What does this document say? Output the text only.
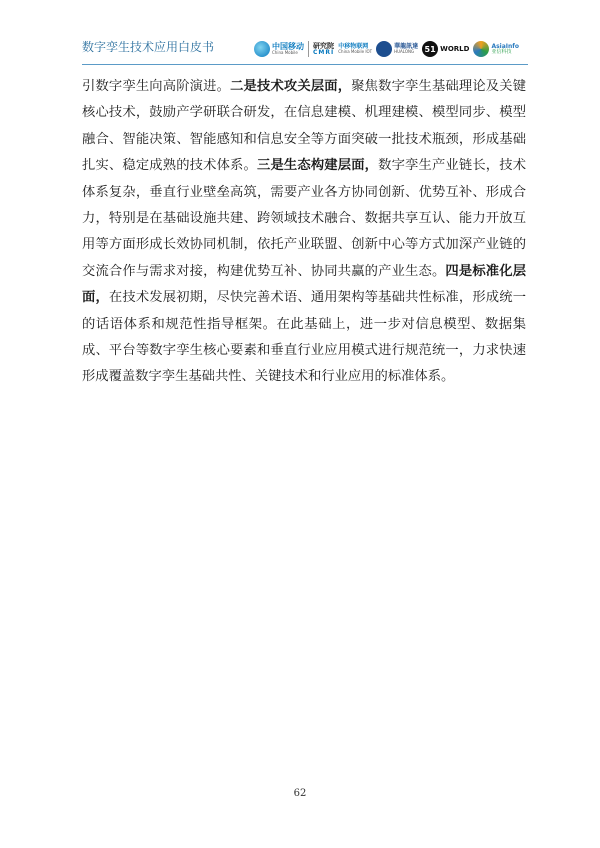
数字孪生技术应用白皮书	中国移动
China Mobile
研究院
CMRI
中移物联网
China Mobile IOT
華龍訊達
HUALONG	51 WORLD	AsiaInfo
亚信科技

引数字孪生向高阶演进。二是技术攻关层面，聚焦数字孪生基础理论及关键核心技术，鼓励产学研联合研发，在信息建模、机理建模、模型同步、模型融合、智能决策、智能感知和信息安全等方面突破一批技术瓶颈，形成基础扎实、稳定成熟的技术体系。三是生态构建层面，数字孪生产业链长，技术体系复杂，垂直行业壁垒高筑，需要产业各方协同创新、优势互补、形成合力，特别是在基础设施共建、跨领域技术融合、数据共享互认、能力开放互用等方面形成长效协同机制，依托产业联盟、创新中心等方式加深产业链的交流合作与需求对接，构建优势互补、协同共赢的产业生态。四是标准化层面，在技术发展初期，尽快完善术语、通用架构等基础共性标准，形成统一的话语体系和规范性指导框架。在此基础上，进一步对信息模型、数据集成、平台等数字孪生核心要素和垂直行业应用模式进行规范统一，力求快速形成覆盖数字孪生基础共性、关键技术和行业应用的标准体系。

62
